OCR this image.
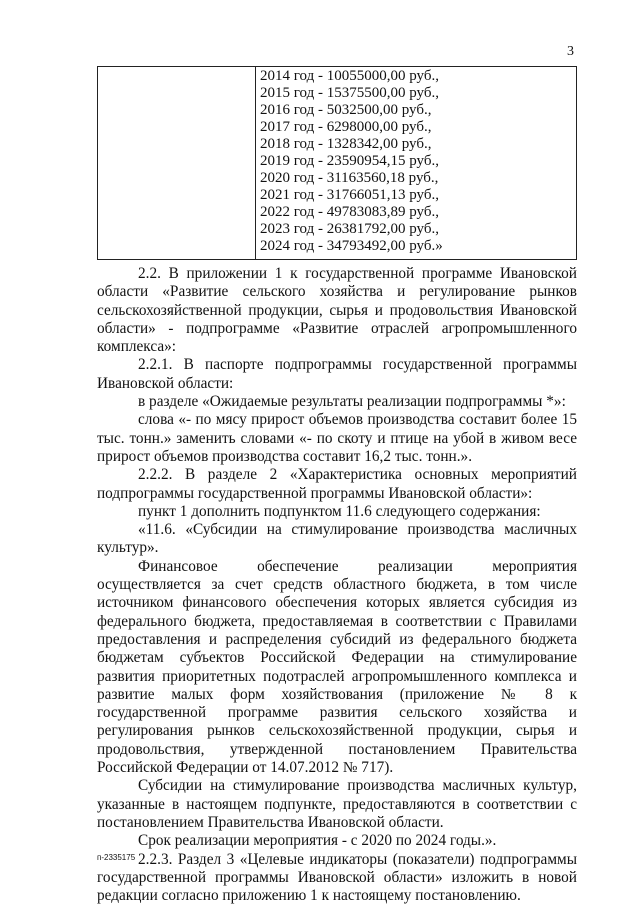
3
2014 год - 10055000,00 руб.,
2015 год - 15375500,00 руб.,
2016 год - 5032500,00 руб.,
2017 год - 6298000,00 руб.,
2018 год - 1328342,00 руб.,
2019 год - 23590954,15 руб.,
2020 год - 31163560,18 руб.,
2021 год - 31766051,13 руб.,
2022 год - 49783083,89 руб.,
2023 год - 26381792,00 руб.,
2024 год - 34793492,00 руб.»

2.2. В приложении 1 к государственной программе Ивановской области «Развитие сельского хозяйства и регулирование рынков сельскохозяйственной продукции, сырья и продовольствия Ивановской области» - подпрограмме «Развитие отраслей агропромышленного комплекса»:

2.2.1. В паспорте подпрограммы государственной программы Ивановской области:

в разделе «Ожидаемые результаты реализации подпрограммы *»:

слова «- по мясу прирост объемов производства составит более 15 тыс. тонн.» заменить словами «- по скоту и птице на убой в живом весе прирост объемов производства составит 16,2 тыс. тонн.».

2.2.2. В разделе 2 «Характеристика основных мероприятий подпрограммы государственной программы Ивановской области»:

пункт 1 дополнить подпунктом 11.6 следующего содержания:

«11.6. «Субсидии на стимулирование производства масличных культур».

Финансовое обеспечение реализации мероприятия осуществляется за счет средств областного бюджета, в том числе источником финансового обеспечения которых является субсидия из федерального бюджета, предоставляемая в соответствии с Правилами предоставления и распределения субсидий из федерального бюджета бюджетам субъектов Российской Федерации на стимулирование развития приоритетных подотраслей агропромышленного комплекса и развитие малых форм хозяйствования (приложение № 8 к государственной программе развития сельского хозяйства и регулирования рынков сельскохозяйственной продукции, сырья и продовольствия, утвержденной постановлением Правительства Российской Федерации от 14.07.2012 № 717).

Субсидии на стимулирование производства масличных культур, указанные в настоящем подпункте, предоставляются в соответствии с постановлением Правительства Ивановской области.

Срок реализации мероприятия - с 2020 по 2024 годы.».

2.2.3. Раздел 3 «Целевые индикаторы (показатели) подпрограммы государственной программы Ивановской области» изложить в новой редакции согласно приложению 1 к настоящему постановлению.

п-2335175
